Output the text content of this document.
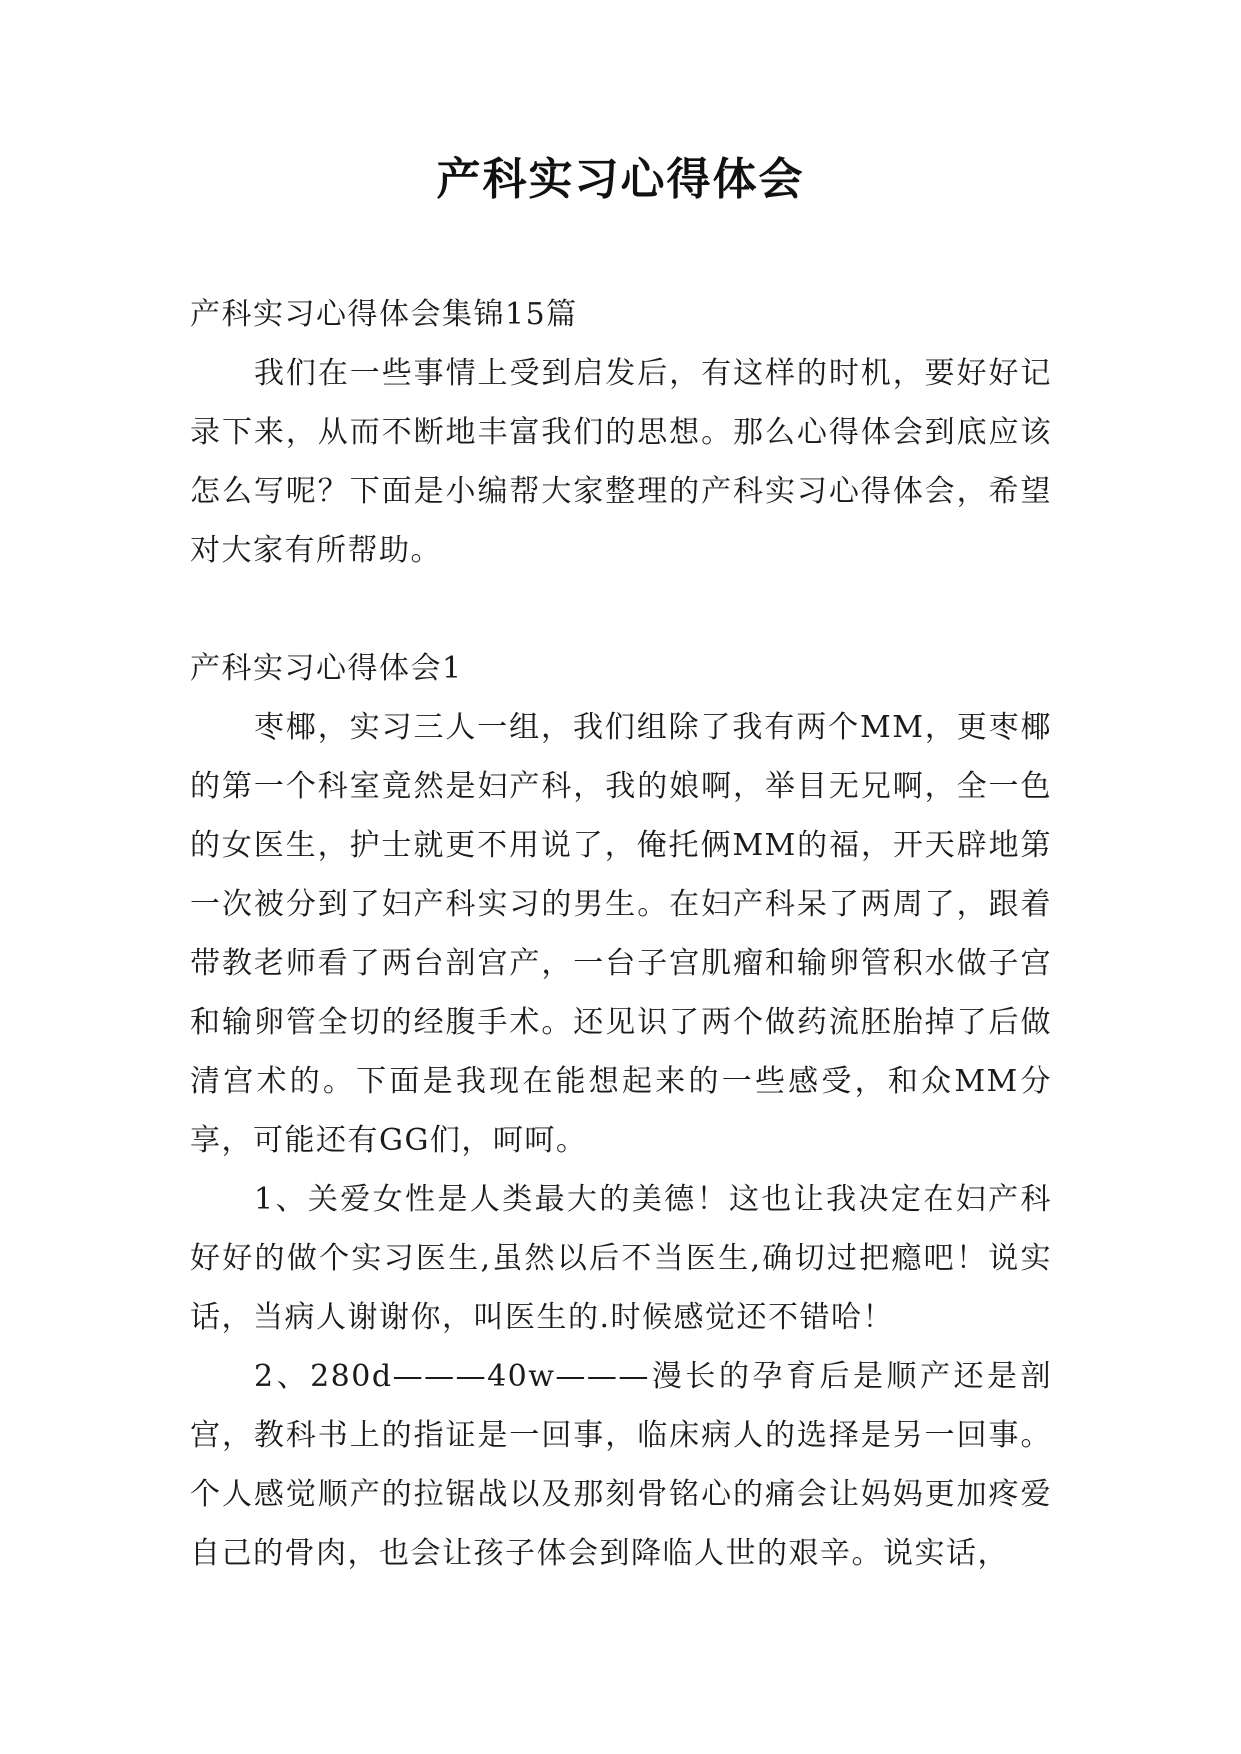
产科实习心得体会

产科实习心得体会集锦15篇

我们在一些事情上受到启发后，有这样的时机，要好好记录下来，从而不断地丰富我们的思想。那么心得体会到底应该怎么写呢？下面是小编帮大家整理的产科实习心得体会，希望对大家有所帮助。

产科实习心得体会1

枣椰，实习三人一组，我们组除了我有两个MM，更枣椰的第一个科室竟然是妇产科，我的娘啊，举目无兄啊，全一色的女医生，护士就更不用说了，俺托俩MM的福，开天辟地第一次被分到了妇产科实习的男生。在妇产科呆了两周了，跟着带教老师看了两台剖宫产，一台子宫肌瘤和输卵管积水做子宫和输卵管全切的经腹手术。还见识了两个做药流胚胎掉了后做清宫术的。下面是我现在能想起来的一些感受，和众MM分享，可能还有GG们，呵呵。

1、关爱女性是人类最大的美德！这也让我决定在妇产科好好的做个实习医生,虽然以后不当医生,确切过把瘾吧！说实话，当病人谢谢你，叫医生的.时候感觉还不错哈！

2、280d———40w———漫长的孕育后是顺产还是剖宫，教科书上的指证是一回事，临床病人的选择是另一回事。个人感觉顺产的拉锯战以及那刻骨铭心的痛会让妈妈更加疼爱自己的骨肉，也会让孩子体会到降临人世的艰辛。说实话，
